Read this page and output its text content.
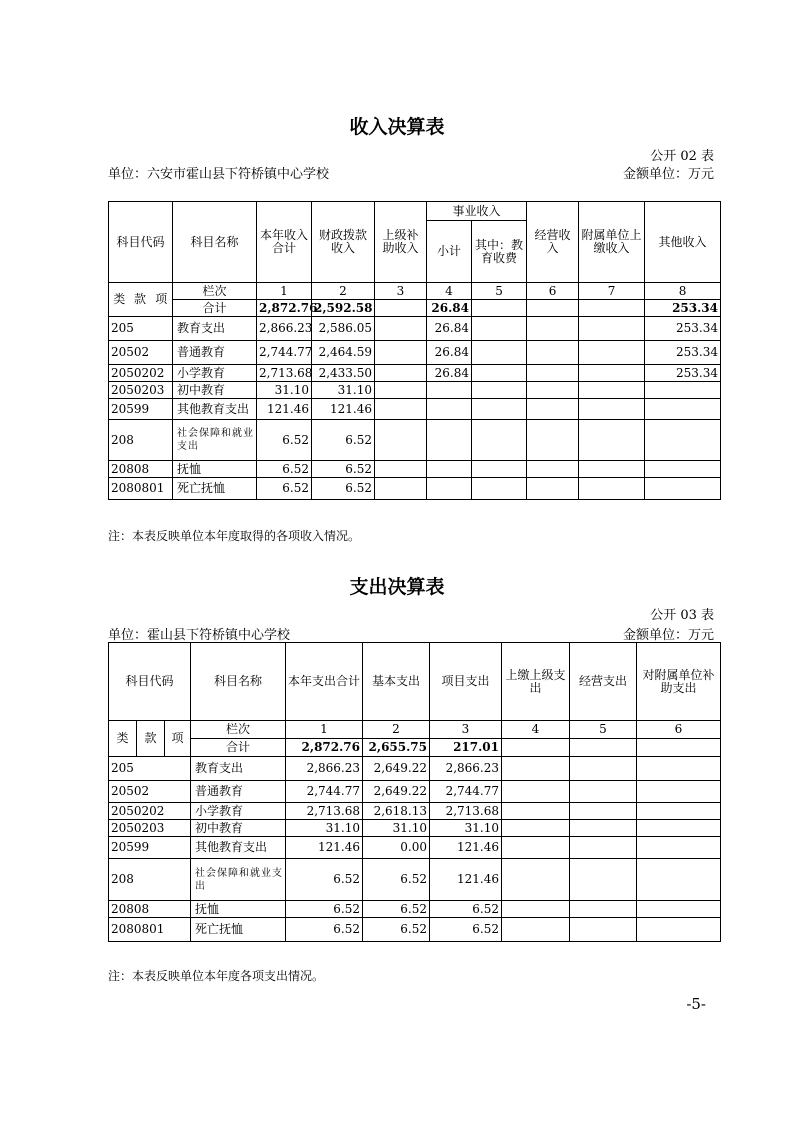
收入决算表
公开 02 表
单位：六安市霍山县下符桥镇中心学校	金额单位：万元
科目代码			科目名称	本年收入合计	财政拨款收入	上级补助收入	事业收入		经营收入	附属单位上缴收入	其他收入
							小计	其中：教育收费			
类	款	项	栏次	1	2	3	4	5	6	7	8
			合计	2,872.76	2,592.58		26.84				253.34
205			教育支出	2,866.23	2,586.05		26.84				253.34
20502			普通教育	2,744.77	2,464.59		26.84				253.34
2050202			小学教育	2,713.68	2,433.50		26.84				253.34
2050203			初中教育	31.10	31.10						
20599			其他教育支出	121.46	121.46						
208			社会保障和就业支出	6.52	6.52						
20808			抚恤	6.52	6.52						
2080801			死亡抚恤	6.52	6.52						
注：本表反映单位本年度取得的各项收入情况。
支出决算表
公开 03 表
单位：霍山县下符桥镇中心学校	金额单位：万元
科目代码			科目名称	本年支出合计	基本支出	项目支出	上缴上级支出	经营支出	对附属单位补助支出
类	款	项	栏次	1	2	3	4	5	6
			合计	2,872.76	2,655.75	217.01			
205			教育支出	2,866.23	2,649.22	2,866.23			
20502			普通教育	2,744.77	2,649.22	2,744.77			
2050202			小学教育	2,713.68	2,618.13	2,713.68			
2050203			初中教育	31.10	31.10	31.10			
20599			其他教育支出	121.46	0.00	121.46			
208			社会保障和就业支出	6.52	6.52	121.46			
20808			抚恤	6.52	6.52	6.52			
2080801			死亡抚恤	6.52	6.52	6.52			
注：本表反映单位本年度各项支出情况。
-5-
